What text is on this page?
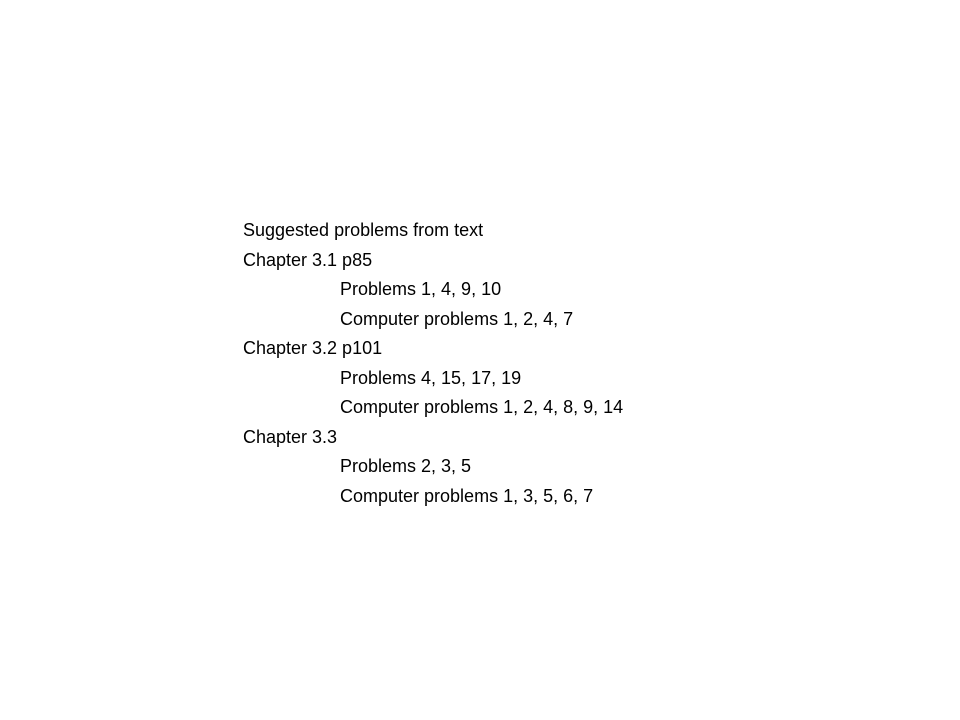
Suggested problems from text
Chapter 3.1 p85
Problems 1, 4, 9, 10
Computer problems 1, 2, 4, 7
Chapter 3.2 p101
Problems 4, 15, 17, 19
Computer problems 1, 2, 4, 8, 9, 14
Chapter 3.3
Problems 2, 3, 5
Computer problems 1, 3, 5, 6, 7
